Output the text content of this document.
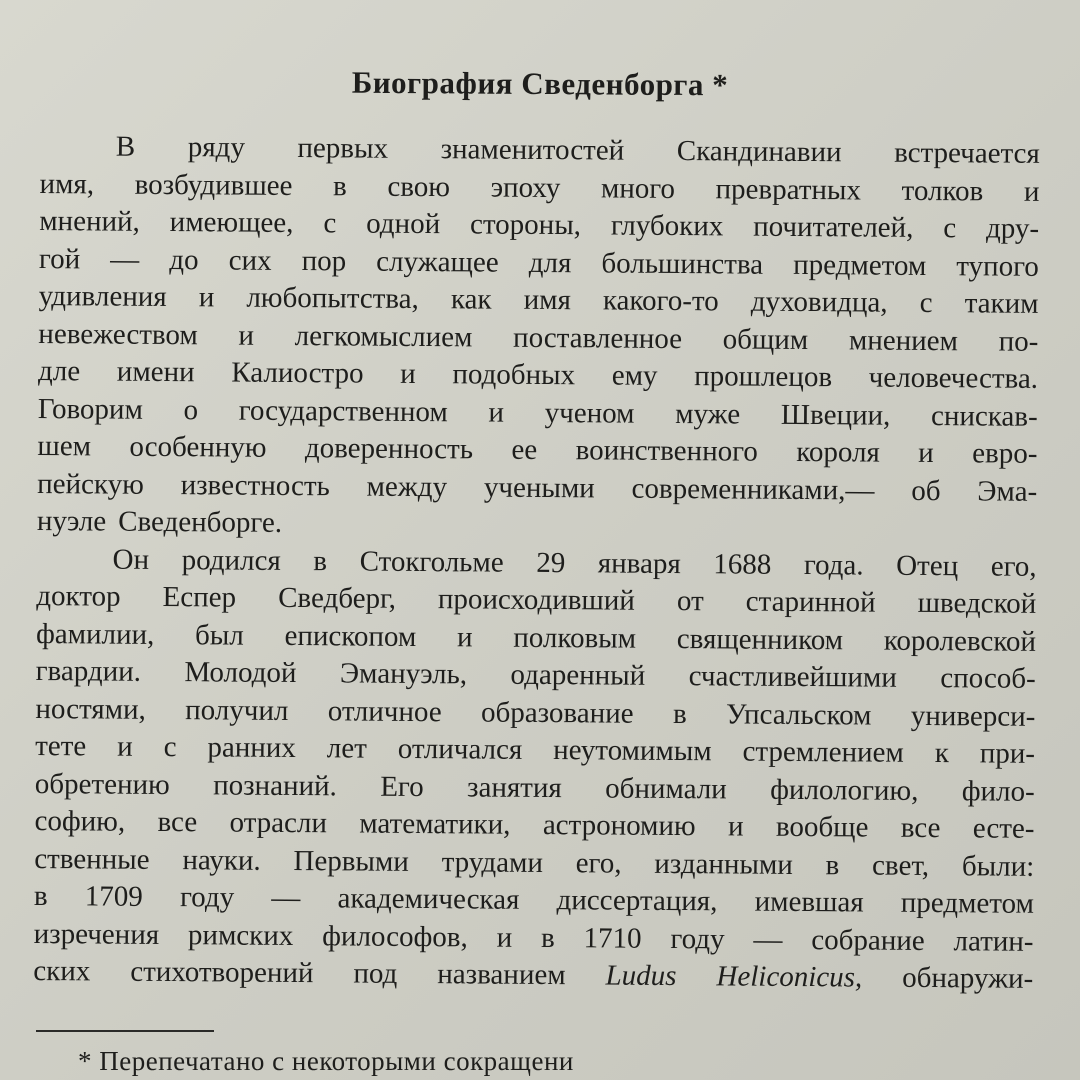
Биография Сведенборга *
В ряду первых знаменитостей Скандинавии встречается
имя, возбудившее в свою эпоху много превратных толков и
мнений, имеющее, с одной стороны, глубоких почитателей, с дру-
гой — до сих пор служащее для большинства предметом тупого
удивления и любопытства, как имя какого-то духовидца, с таким
невежеством и легкомыслием поставленное общим мнением по-
дле имени Калиостро и подобных ему прошлецов человечества.
Говорим о государственном и ученом муже Швеции, снискав-
шем особенную доверенность ее воинственного короля и евро-
пейскую известность между учеными современниками,— об Эма-
нуэле Сведенборге.
Он родился в Стокгольме 29 января 1688 года. Отец его,
доктор Еспер Сведберг, происходивший от старинной шведской
фамилии, был епископом и полковым священником королевской
гвардии. Молодой Эмануэль, одаренный счастливейшими способ-
ностями, получил отличное образование в Упсальском универси-
тете и с ранних лет отличался неутомимым стремлением к при-
обретению познаний. Его занятия обнимали филологию, фило-
софию, все отрасли математики, астрономию и вообще все есте-
ственные науки. Первыми трудами его, изданными в свет, были:
в 1709 году — академическая диссертация, имевшая предметом
изречения римских философов, и в 1710 году — собрание латин-
ских стихотворений под названием Ludus Heliconicus, обнаружи-
* Перепечатано с некоторыми сокращени
